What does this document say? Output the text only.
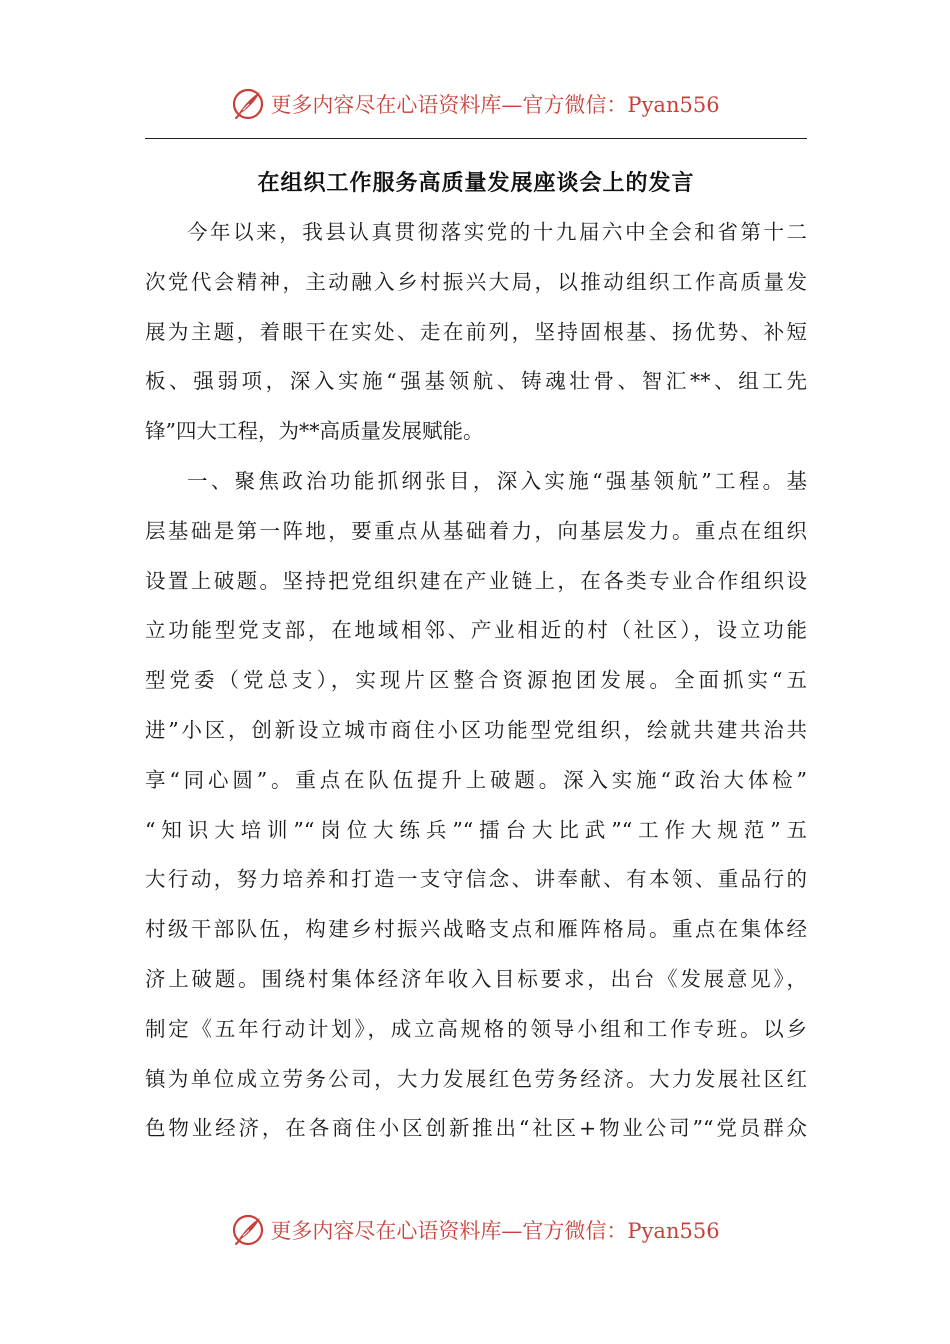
更多内容尽在心语资料库—官方微信：Pyan556
在组织工作服务高质量发展座谈会上的发言
今年以来，我县认真贯彻落实党的十九届六中全会和省第十二
次党代会精神，主动融入乡村振兴大局，以推动组织工作高质量发
展为主题，着眼干在实处、走在前列，坚持固根基、扬优势、补短
板、强弱项，深入实施“强基领航、铸魂壮骨、智汇**、组工先
锋”四大工程，为**高质量发展赋能。
一、聚焦政治功能抓纲张目，深入实施“强基领航”工程。基
层基础是第一阵地，要重点从基础着力，向基层发力。重点在组织
设置上破题。坚持把党组织建在产业链上，在各类专业合作组织设
立功能型党支部，在地域相邻、产业相近的村（社区），设立功能
型党委（党总支），实现片区整合资源抱团发展。全面抓实“五
进”小区，创新设立城市商住小区功能型党组织，绘就共建共治共
享“同心圆”。重点在队伍提升上破题。深入实施“政治大体检”
“知识大培训”“岗位大练兵”“擂台大比武”“工作大规范”五
大行动，努力培养和打造一支守信念、讲奉献、有本领、重品行的
村级干部队伍，构建乡村振兴战略支点和雁阵格局。重点在集体经
济上破题。围绕村集体经济年收入目标要求，出台《发展意见》，
制定《五年行动计划》，成立高规格的领导小组和工作专班。以乡
镇为单位成立劳务公司，大力发展红色劳务经济。大力发展社区红
色物业经济，在各商住小区创新推出“社区+物业公司”“党员群众
更多内容尽在心语资料库—官方微信：Pyan556
